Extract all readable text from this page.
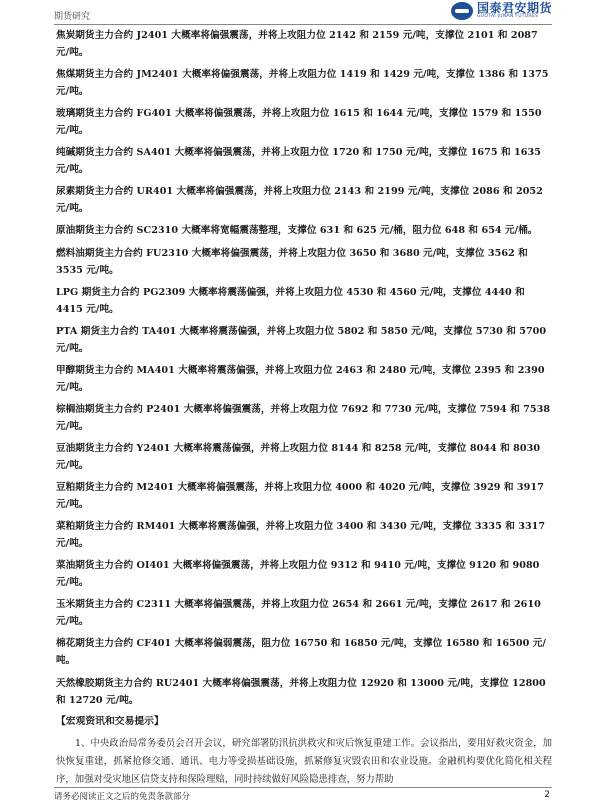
期货研究
国泰君安期货
GUOTAI JUNAN FUTURES

焦炭期货主力合约 J2401 大概率将偏强震荡，并将上攻阻力位 2142 和 2159 元/吨，支撑位 2101 和 2087 元/吨。

焦煤期货主力合约 JM2401 大概率将偏强震荡，并将上攻阻力位 1419 和 1429 元/吨，支撑位 1386 和 1375 元/吨。

玻璃期货主力合约 FG401 大概率将偏强震荡，并将上攻阻力位 1615 和 1644 元/吨，支撑位 1579 和 1550 元/吨。

纯碱期货主力合约 SA401 大概率将偏强震荡，并将上攻阻力位 1720 和 1750 元/吨，支撑位 1675 和 1635 元/吨。

尿素期货主力合约 UR401 大概率将偏强震荡，并将上攻阻力位 2143 和 2199 元/吨，支撑位 2086 和 2052 元/吨。

原油期货主力合约 SC2310 大概率将宽幅震荡整理，支撑位 631 和 625 元/桶，阻力位 648 和 654 元/桶。

燃料油期货主力合约 FU2310 大概率将偏强震荡，并将上攻阻力位 3650 和 3680 元/吨，支撑位 3562 和 3535 元/吨。

LPG 期货主力合约 PG2309 大概率将震荡偏强，并将上攻阻力位 4530 和 4560 元/吨，支撑位 4440 和 4415 元/吨。

PTA 期货主力合约 TA401 大概率将震荡偏强，并将上攻阻力位 5802 和 5850 元/吨，支撑位 5730 和 5700 元/吨。

甲醇期货主力合约 MA401 大概率将震荡偏强，并将上攻阻力位 2463 和 2480 元/吨，支撑位 2395 和 2390 元/吨。

棕榈油期货主力合约 P2401 大概率将偏强震荡，并将上攻阻力位 7692 和 7730 元/吨，支撑位 7594 和 7538 元/吨。

豆油期货主力合约 Y2401 大概率将震荡偏强，并将上攻阻力位 8144 和 8258 元/吨，支撑位 8044 和 8030 元/吨。

豆粕期货主力合约 M2401 大概率将偏强震荡，并将上攻阻力位 4000 和 4020 元/吨，支撑位 3929 和 3917 元/吨。

菜粕期货主力合约 RM401 大概率将震荡偏强，并将上攻阻力位 3400 和 3430 元/吨，支撑位 3335 和 3317 元/吨。

菜油期货主力合约 OI401 大概率将偏强震荡，并将上攻阻力位 9312 和 9410 元/吨，支撑位 9120 和 9080 元/吨。

玉米期货主力合约 C2311 大概率将偏强震荡，并将上攻阻力位 2654 和 2661 元/吨，支撑位 2617 和 2610 元/吨。

棉花期货主力合约 CF401 大概率将偏弱震荡，阻力位 16750 和 16850 元/吨，支撑位 16580 和 16500 元/吨。

天然橡胶期货主力合约 RU2401 大概率将偏强震荡，并将上攻阻力位 12920 和 13000 元/吨，支撑位 12800 和 12720 元/吨。

【宏观资讯和交易提示】

1、中央政治局常务委员会召开会议，研究部署防汛抗洪救灾和灾后恢复重建工作。会议指出，要用好救灾资金，加快恢复重建，抓紧抢修交通、通讯、电力等受损基础设施，抓紧修复灾毁农田和农业设施。金融机构要优化简化相关程序，加强对受灾地区信贷支持和保险理赔，同时持续做好风险隐患排查，努力帮助

请务必阅读正文之后的免责条款部分	2
